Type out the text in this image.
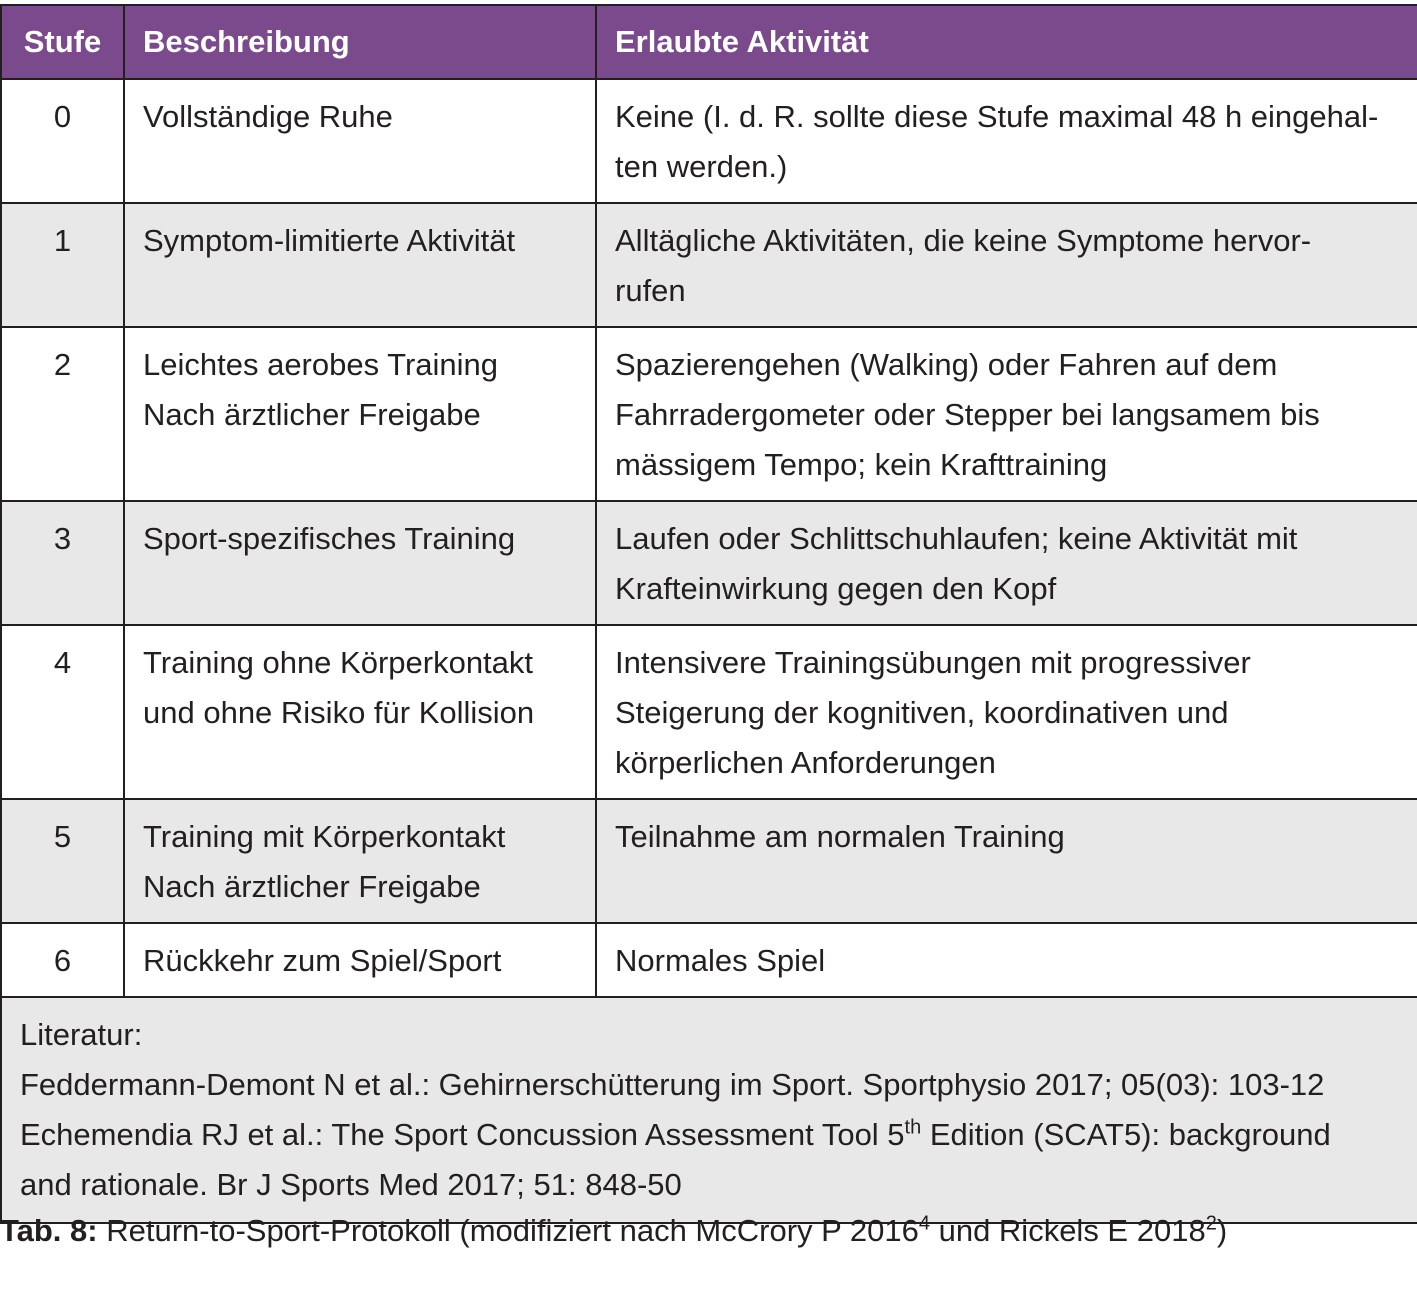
Stufe	Beschreibung	Erlaubte Aktivität
0	Vollständige Ruhe	Keine (I. d. R. sollte diese Stufe maximal 48 h eingehal-
ten werden.)

1	Symptom-limitierte Aktivität	Alltägliche Aktivitäten, die keine Symptome hervor-
rufen

2	Leichtes aerobes Training
Nach ärztlicher Freigabe	Spazierengehen (Walking) oder Fahren auf dem
Fahrradergometer oder Stepper bei langsamem bis
mässigem Tempo; kein Krafttraining

3	Sport-spezifisches Training	Laufen oder Schlittschuhlaufen; keine Aktivität mit
Krafteinwirkung gegen den Kopf

4	Training ohne Körperkontakt
und ohne Risiko für Kollision	Intensivere Trainingsübungen mit progressiver
Steigerung der kognitiven, koordinativen und
körperlichen Anforderungen

5	Training mit Körperkontakt
Nach ärztlicher Freigabe	Teilnahme am normalen Training

6	Rückkehr zum Spiel/Sport	Normales Spiel

Literatur:
Feddermann-Demont N et al.: Gehirnerschütterung im Sport. Sportphysio 2017; 05(03): 103-12
Echemendia RJ et al.: The Sport Concussion Assessment Tool 5th Edition (SCAT5): background
and rationale. Br J Sports Med 2017; 51: 848-50		
Tab. 8: Return-to-Sport-Protokoll (modifiziert nach McCrory P 2016$^4$ und Rickels E 2018$^2$)
